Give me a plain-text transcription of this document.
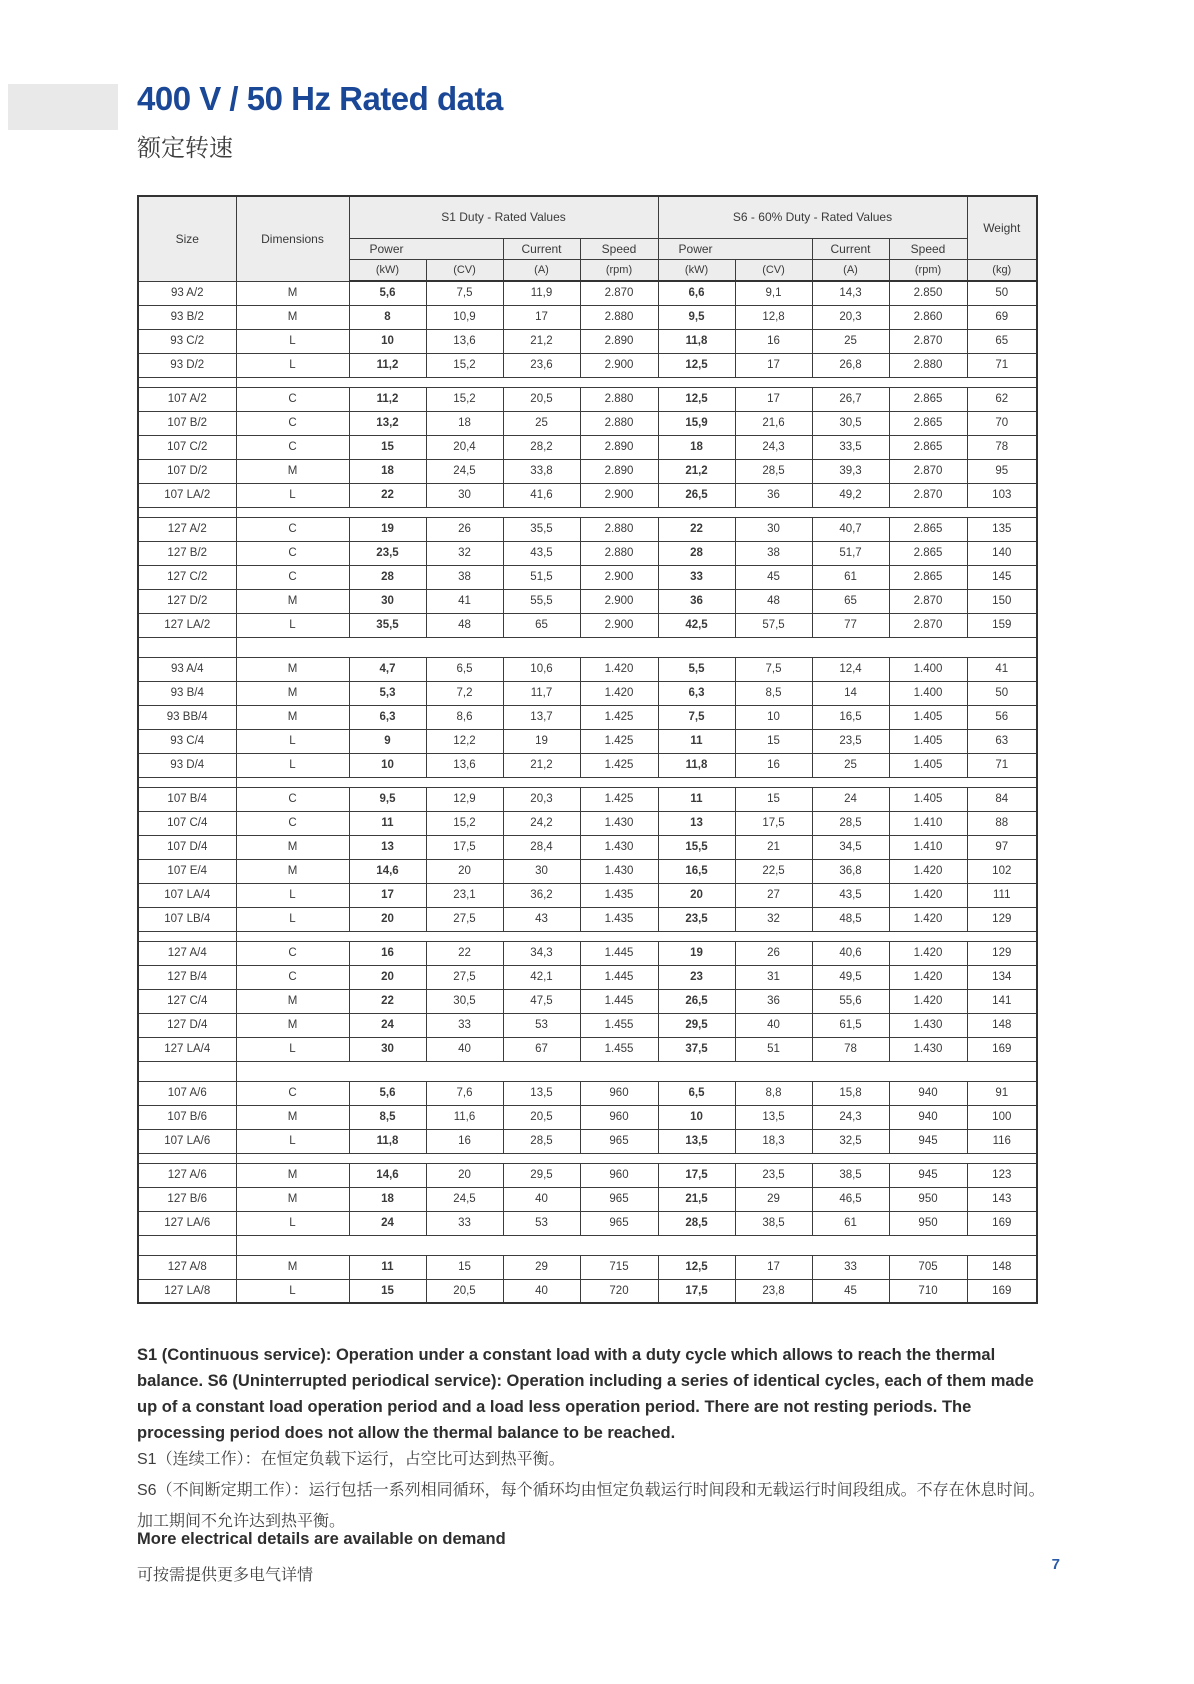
400 V / 50 Hz Rated data
额定转速
Size	Dimensions	S1 Duty - Rated Values				S6 - 60% Duty - Rated Values				Weight
		Power		Current	Speed	Power		Current	Speed	
		(kW)	(CV)	(A)	(rpm)	(kW)	(CV)	(A)	(rpm)	(kg)
93 A/2	M	5,6	7,5	11,9	2.870	6,6	9,1	14,3	2.850	50
93 B/2	M	8	10,9	17	2.880	9,5	12,8	20,3	2.860	69
93 C/2	L	10	13,6	21,2	2.890	11,8	16	25	2.870	65
93 D/2	L	11,2	15,2	23,6	2.900	12,5	17	26,8	2.880	71

107 A/2	C	11,2	15,2	20,5	2.880	12,5	17	26,7	2.865	62
107 B/2	C	13,2	18	25	2.880	15,9	21,6	30,5	2.865	70
107 C/2	C	15	20,4	28,2	2.890	18	24,3	33,5	2.865	78
107 D/2	M	18	24,5	33,8	2.890	21,2	28,5	39,3	2.870	95
107 LA/2	L	22	30	41,6	2.900	26,5	36	49,2	2.870	103

127 A/2	C	19	26	35,5	2.880	22	30	40,7	2.865	135
127 B/2	C	23,5	32	43,5	2.880	28	38	51,7	2.865	140
127 C/2	C	28	38	51,5	2.900	33	45	61	2.865	145
127 D/2	M	30	41	55,5	2.900	36	48	65	2.870	150
127 LA/2	L	35,5	48	65	2.900	42,5	57,5	77	2.870	159

93 A/4	M	4,7	6,5	10,6	1.420	5,5	7,5	12,4	1.400	41
93 B/4	M	5,3	7,2	11,7	1.420	6,3	8,5	14	1.400	50
93 BB/4	M	6,3	8,6	13,7	1.425	7,5	10	16,5	1.405	56
93 C/4	L	9	12,2	19	1.425	11	15	23,5	1.405	63
93 D/4	L	10	13,6	21,2	1.425	11,8	16	25	1.405	71

107 B/4	C	9,5	12,9	20,3	1.425	11	15	24	1.405	84
107 C/4	C	11	15,2	24,2	1.430	13	17,5	28,5	1.410	88
107 D/4	M	13	17,5	28,4	1.430	15,5	21	34,5	1.410	97
107 E/4	M	14,6	20	30	1.430	16,5	22,5	36,8	1.420	102
107 LA/4	L	17	23,1	36,2	1.435	20	27	43,5	1.420	111
107 LB/4	L	20	27,5	43	1.435	23,5	32	48,5	1.420	129

127 A/4	C	16	22	34,3	1.445	19	26	40,6	1.420	129
127 B/4	C	20	27,5	42,1	1.445	23	31	49,5	1.420	134
127 C/4	M	22	30,5	47,5	1.445	26,5	36	55,6	1.420	141
127 D/4	M	24	33	53	1.455	29,5	40	61,5	1.430	148
127 LA/4	L	30	40	67	1.455	37,5	51	78	1.430	169

107 A/6	C	5,6	7,6	13,5	960	6,5	8,8	15,8	940	91
107 B/6	M	8,5	11,6	20,5	960	10	13,5	24,3	940	100
107 LA/6	L	11,8	16	28,5	965	13,5	18,3	32,5	945	116

127 A/6	M	14,6	20	29,5	960	17,5	23,5	38,5	945	123
127 B/6	M	18	24,5	40	965	21,5	29	46,5	950	143
127 LA/6	L	24	33	53	965	28,5	38,5	61	950	169

127 A/8	M	11	15	29	715	12,5	17	33	705	148
127 LA/8	L	15	20,5	40	720	17,5	23,8	45	710	169

S1 (Continuous service): Operation under a constant load with a duty cycle which allows to reach the thermal balance. S6 (Uninterrupted periodical service): Operation including a series of identical cycles, each of them made up of a constant load operation period and a load less operation period. There are not resting periods. The processing period does not allow the thermal balance to be reached.

S1（连续工作）：在恒定负载下运行，占空比可达到热平衡。
S6（不间断定期工作）：运行包括一系列相同循环，每个循环均由恒定负载运行时间段和无载运行时间段组成。不存在休息时间。加工期间不允许达到热平衡。

More electrical details are available on demand

可按需提供更多电气详情

7
